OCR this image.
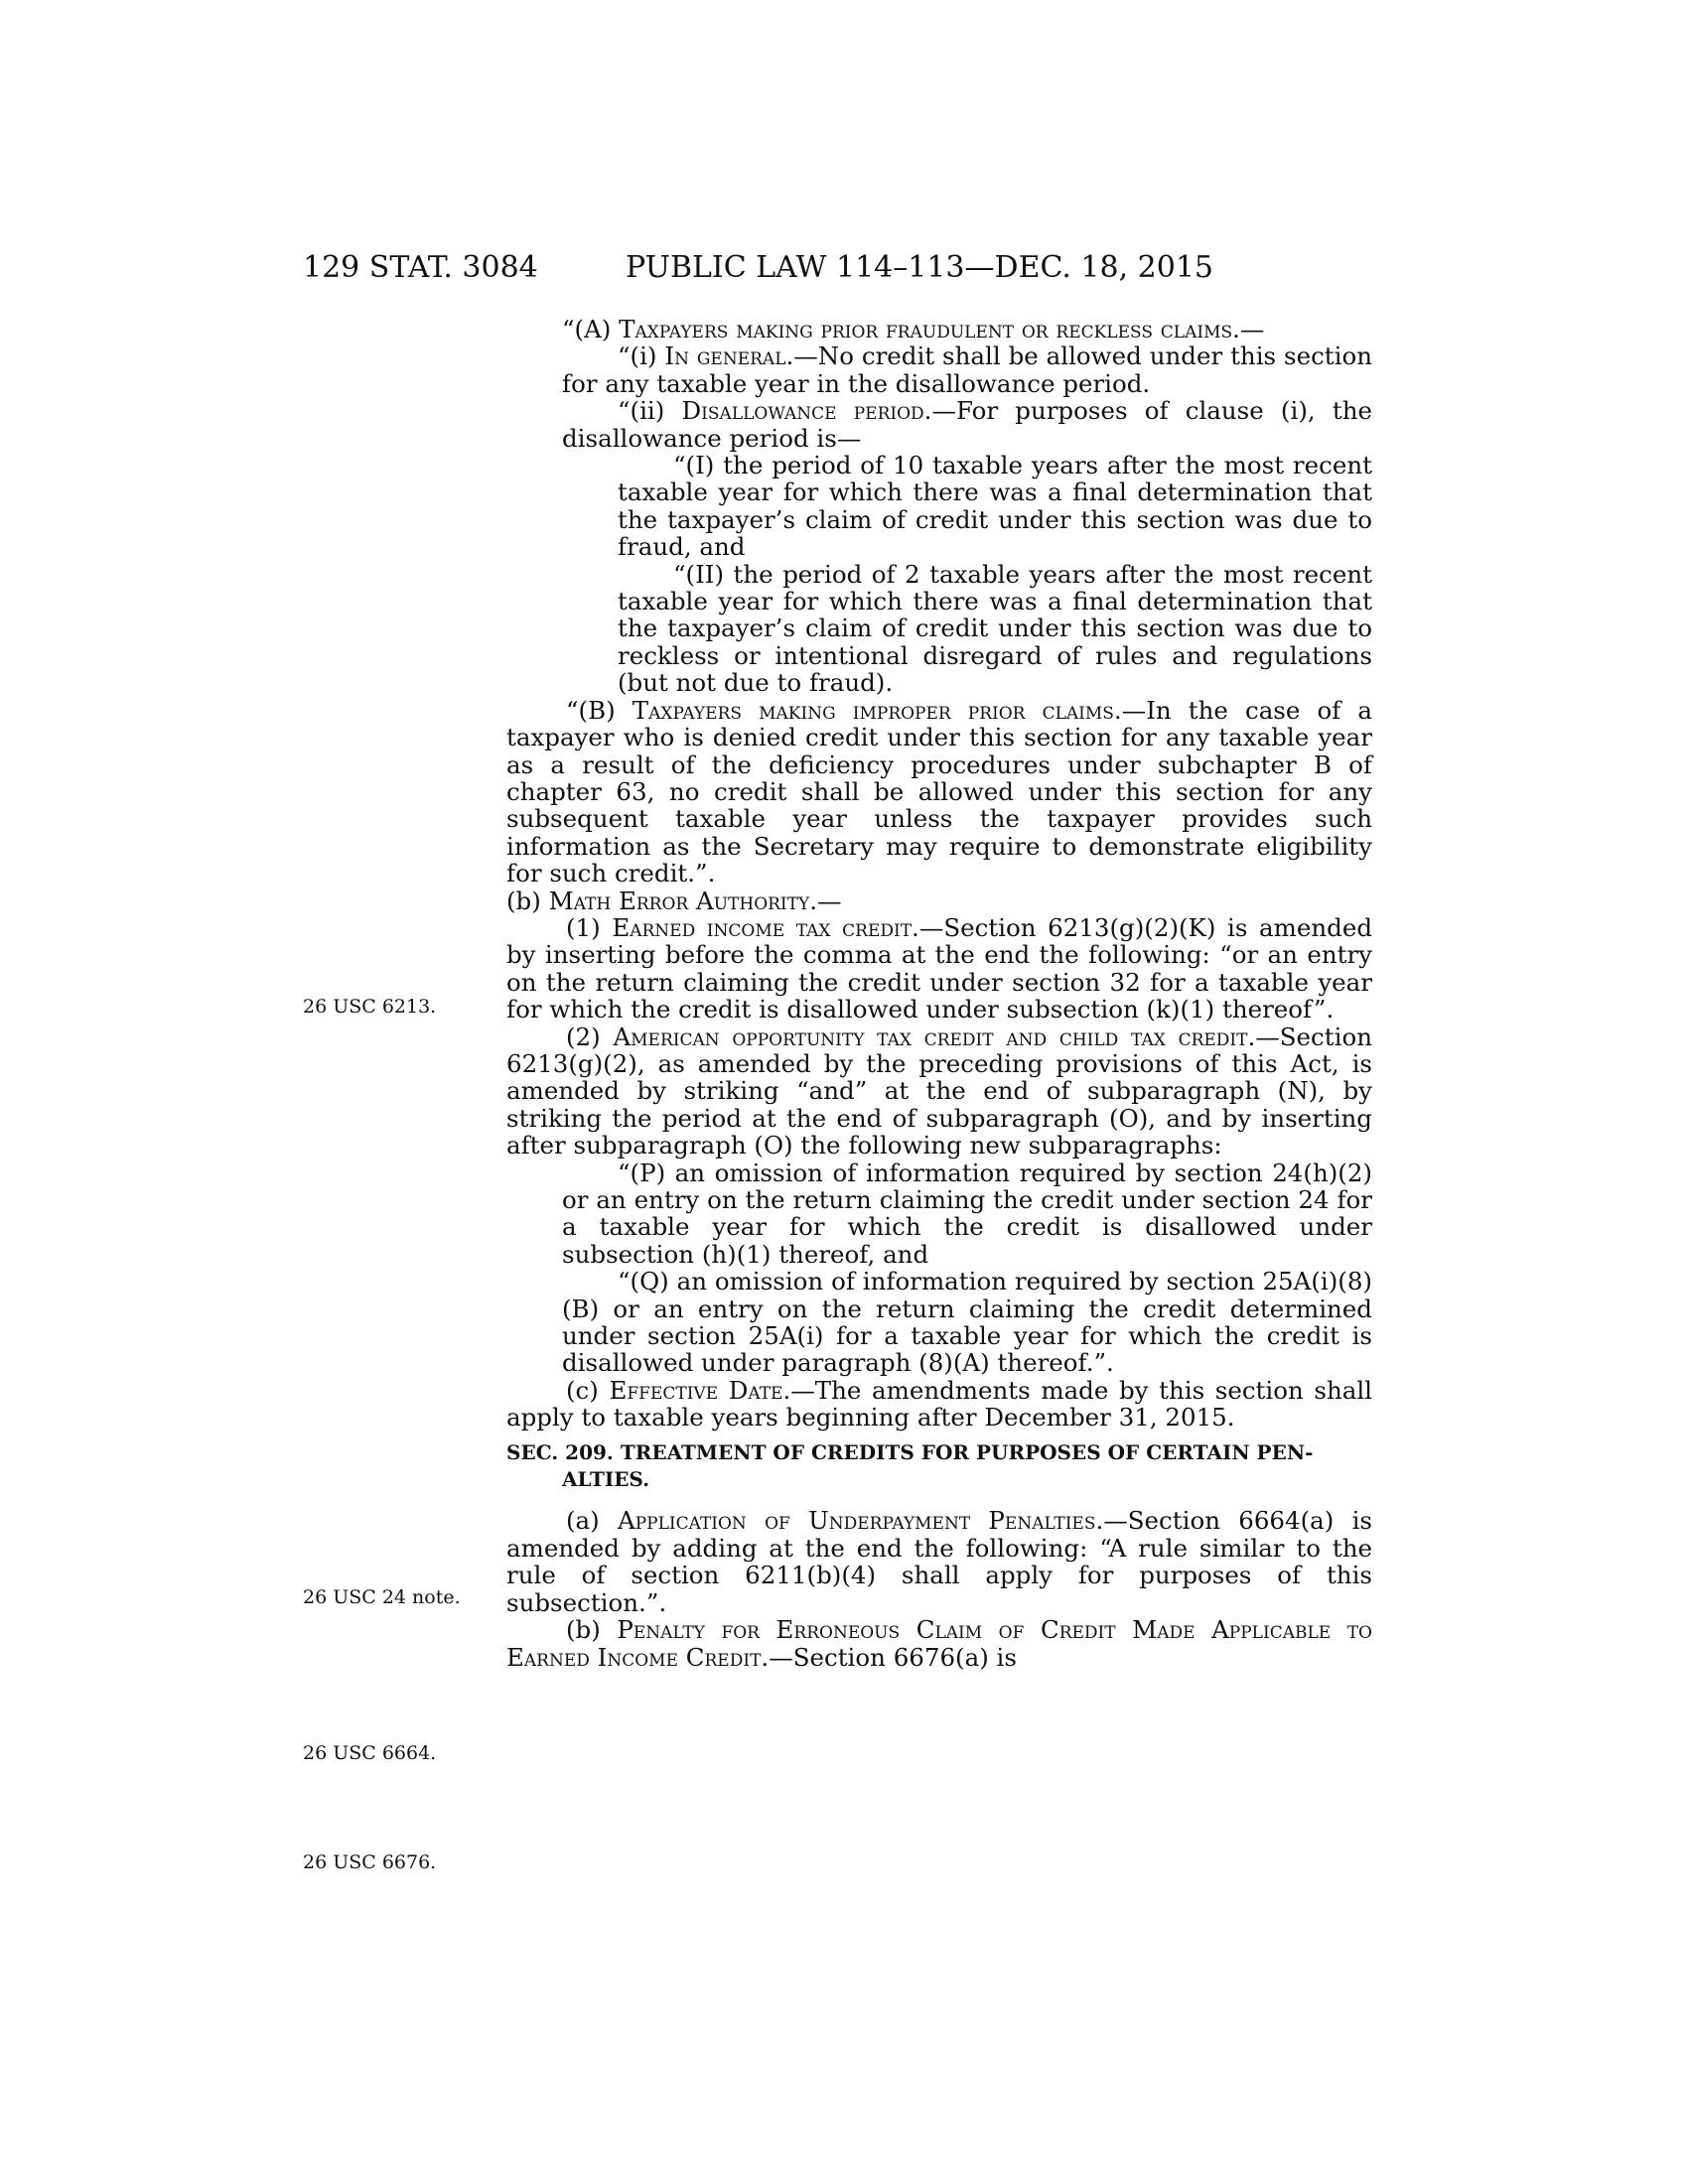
129 STAT. 3084	PUBLIC LAW 114–113—DEC. 18, 2015
26 USC 6213.
26 USC 24 note.
26 USC 6664.
26 USC 6676.

“(A) Taxpayers making prior fraudulent or reckless claims.—

“(i) In general.—No credit shall be allowed under this section for any taxable year in the disallowance period.

“(ii) Disallowance period.—For purposes of clause (i), the disallowance period is—

“(I) the period of 10 taxable years after the most recent taxable year for which there was a final determination that the taxpayer’s claim of credit under this section was due to fraud, and

“(II) the period of 2 taxable years after the most recent taxable year for which there was a final determination that the taxpayer’s claim of credit under this section was due to reckless or intentional disregard of rules and regulations (but not due to fraud).

“(B) Taxpayers making improper prior claims.—In the case of a taxpayer who is denied credit under this section for any taxable year as a result of the deficiency procedures under subchapter B of chapter 63, no credit shall be allowed under this section for any subsequent taxable year unless the taxpayer provides such information as the Secretary may require to demonstrate eligibility for such credit.”.

(b) Math Error Authority.—

(1) Earned income tax credit.—Section 6213(g)(2)(K) is amended by inserting before the comma at the end the following: “or an entry on the return claiming the credit under section 32 for a taxable year for which the credit is disallowed under subsection (k)(1) thereof”.

(2) American opportunity tax credit and child tax credit.—Section 6213(g)(2), as amended by the preceding provisions of this Act, is amended by striking “and” at the end of subparagraph (N), by striking the period at the end of subparagraph (O), and by inserting after subparagraph (O) the following new subparagraphs:

“(P) an omission of information required by section 24(h)(2) or an entry on the return claiming the credit under section 24 for a taxable year for which the credit is disallowed under subsection (h)(1) thereof, and

“(Q) an omission of information required by section 25A(i)(8)(B) or an entry on the return claiming the credit determined under section 25A(i) for a taxable year for which the credit is disallowed under paragraph (8)(A) thereof.”.

(c) Effective Date.—The amendments made by this section shall apply to taxable years beginning after December 31, 2015.

SEC. 209. TREATMENT OF CREDITS FOR PURPOSES OF CERTAIN PEN-
ALTIES.

(a) Application of Underpayment Penalties.—Section 6664(a) is amended by adding at the end the following: “A rule similar to the rule of section 6211(b)(4) shall apply for purposes of this subsection.”.

(b) Penalty for Erroneous Claim of Credit Made Applicable to Earned Income Credit.—Section 6676(a) is
